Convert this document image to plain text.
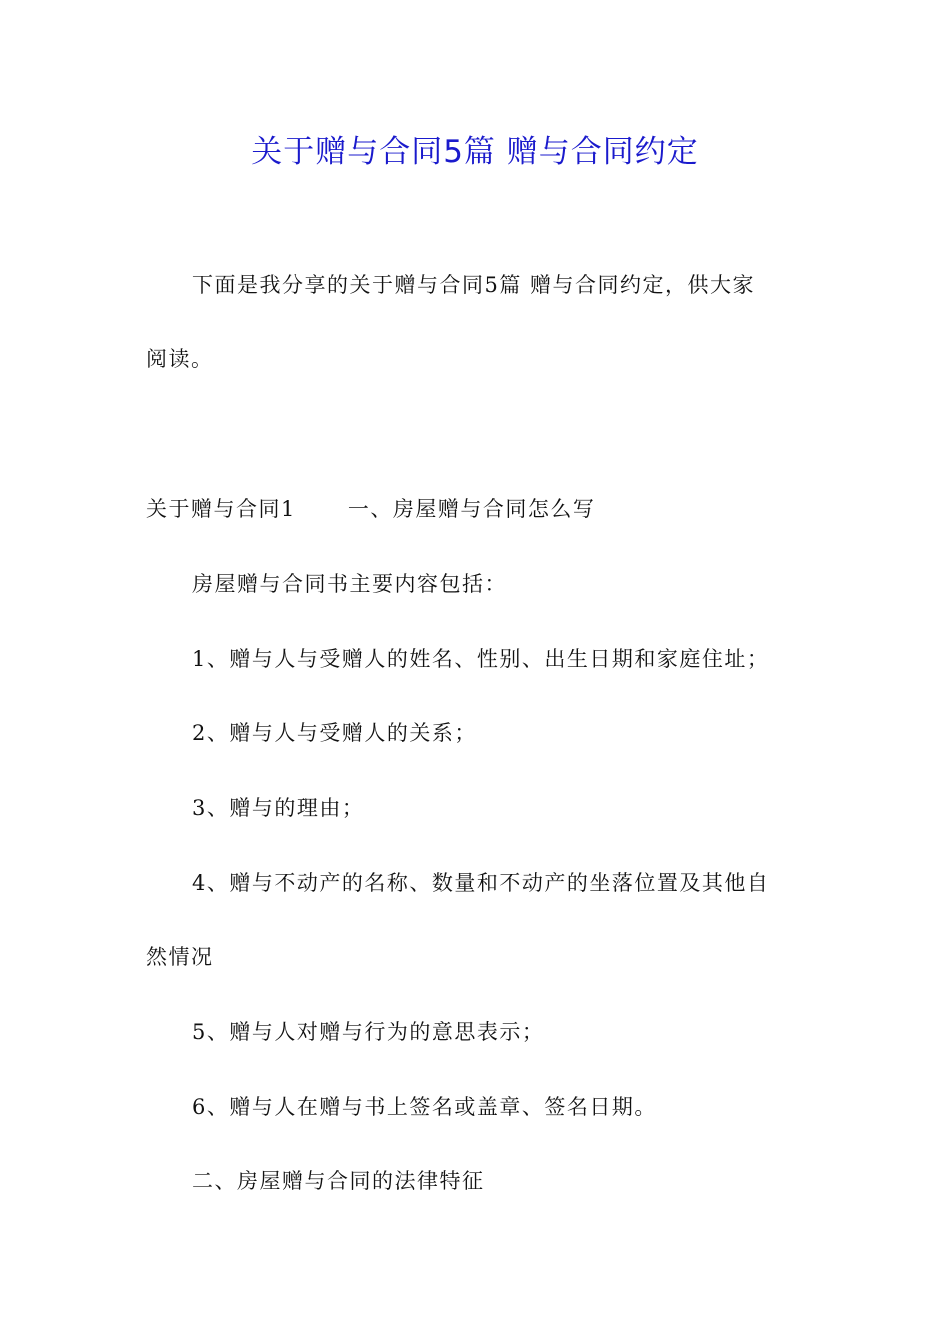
关于赠与合同5篇 赠与合同约定
下面是我分享的关于赠与合同5篇 赠与合同约定，供大家
阅读。
关于赠与合同1 一、房屋赠与合同怎么写
房屋赠与合同书主要内容包括：
1、赠与人与受赠人的姓名、性别、出生日期和家庭住址；
2、赠与人与受赠人的关系；
3、赠与的理由；
4、赠与不动产的名称、数量和不动产的坐落位置及其他自
然情况
5、赠与人对赠与行为的意思表示；
6、赠与人在赠与书上签名或盖章、签名日期。
二、房屋赠与合同的法律特征
